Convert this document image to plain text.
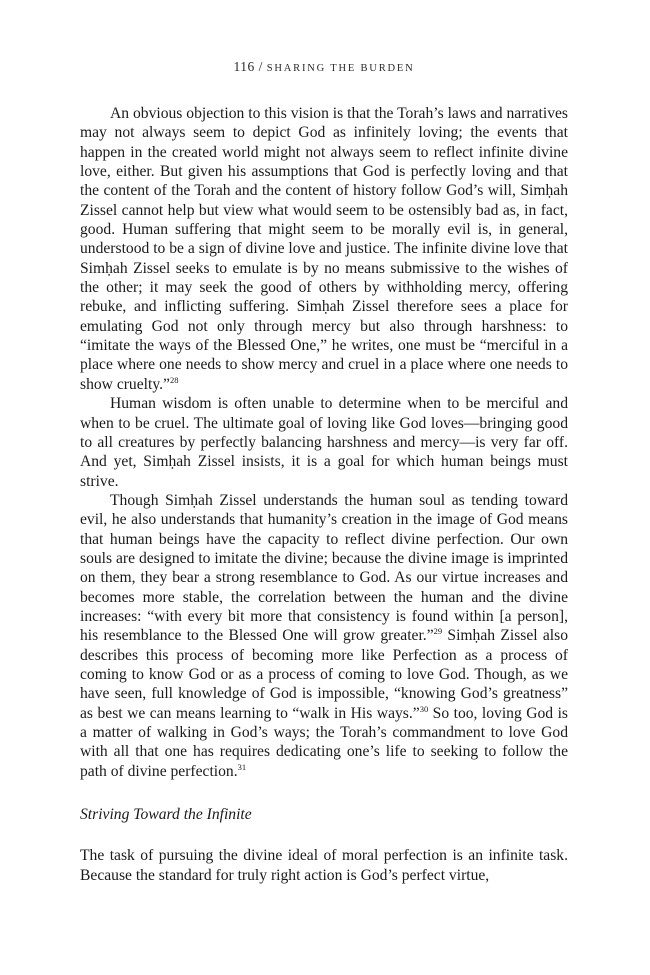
116 / SHARING THE BURDEN

An obvious objection to this vision is that the Torah’s laws and narratives may not always seem to depict God as infinitely loving; the events that happen in the created world might not always seem to reflect infinite divine love, either. But given his assumptions that God is perfectly loving and that the content of the Torah and the content of history follow God’s will, Simḥah Zissel cannot help but view what would seem to be ostensibly bad as, in fact, good. Human suffering that might seem to be morally evil is, in general, understood to be a sign of divine love and justice. The infinite divine love that Simḥah Zissel seeks to emulate is by no means submissive to the wishes of the other; it may seek the good of others by withholding mercy, offering rebuke, and inflicting suffering. Simḥah Zissel therefore sees a place for emulating God not only through mercy but also through harshness: to “imitate the ways of the Blessed One,” he writes, one must be “merciful in a place where one needs to show mercy and cruel in a place where one needs to show cruelty.”$^{28}$

Human wisdom is often unable to determine when to be merciful and when to be cruel. The ultimate goal of loving like God loves—bringing good to all creatures by perfectly balancing harshness and mercy—is very far off. And yet, Simḥah Zissel insists, it is a goal for which human beings must strive.

Though Simḥah Zissel understands the human soul as tending toward evil, he also understands that humanity’s creation in the image of God means that human beings have the capacity to reflect divine perfection. Our own souls are designed to imitate the divine; because the divine image is imprinted on them, they bear a strong resemblance to God. As our virtue increases and becomes more stable, the correlation between the human and the divine increases: “with every bit more that consistency is found within [a person], his resemblance to the Blessed One will grow greater.”$^{29}$ Simḥah Zissel also describes this process of becoming more like Perfection as a process of coming to know God or as a process of coming to love God. Though, as we have seen, full knowledge of God is impossible, “knowing God’s greatness” as best we can means learning to “walk in His ways.”$^{30}$ So too, loving God is a matter of walking in God’s ways; the Torah’s commandment to love God with all that one has requires dedicating one’s life to seeking to follow the path of divine perfection.$^{31}$

Striving Toward the Infinite

The task of pursuing the divine ideal of moral perfection is an infinite task. Because the standard for truly right action is God’s perfect virtue,
